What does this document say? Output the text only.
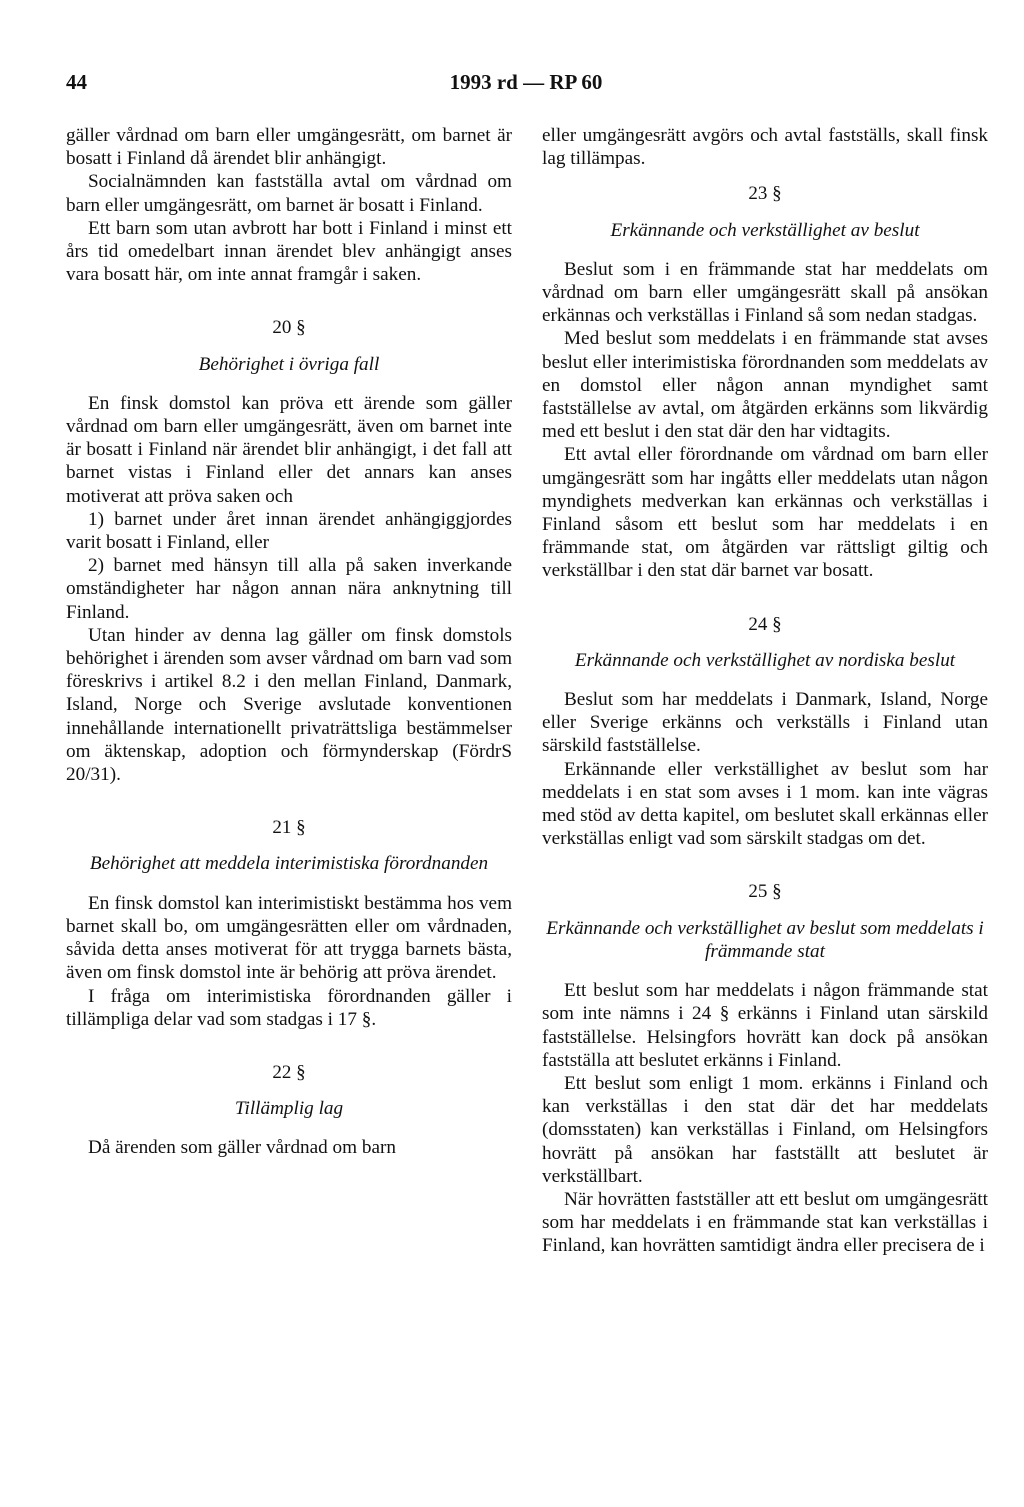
44	1993 rd — RP 60

gäller vårdnad om barn eller umgängesrätt, om barnet är bosatt i Finland då ärendet blir anhängigt.

Socialnämnden kan fastställa avtal om vårdnad om barn eller umgängesrätt, om barnet är bosatt i Finland.

Ett barn som utan avbrott har bott i Finland i minst ett års tid omedelbart innan ärendet blev anhängigt anses vara bosatt här, om inte annat framgår i saken.

20 §
Behörighet i övriga fall

En finsk domstol kan pröva ett ärende som gäller vårdnad om barn eller umgängesrätt, även om barnet inte är bosatt i Finland när ärendet blir anhängigt, i det fall att barnet vistas i Finland eller det annars kan anses motiverat att pröva saken och

1) barnet under året innan ärendet anhängiggjordes varit bosatt i Finland, eller

2) barnet med hänsyn till alla på saken inverkande omständigheter har någon annan nära anknytning till Finland.

Utan hinder av denna lag gäller om finsk domstols behörighet i ärenden som avser vårdnad om barn vad som föreskrivs i artikel 8.2 i den mellan Finland, Danmark, Island, Norge och Sverige avslutade konventionen innehållande internationellt privaträttsliga bestämmelser om äktenskap, adoption och förmynderskap (FördrS 20/31).

21 §
Behörighet att meddela interimistiska förordnanden

En finsk domstol kan interimistiskt bestämma hos vem barnet skall bo, om umgängesrätten eller om vårdnaden, såvida detta anses motiverat för att trygga barnets bästa, även om finsk domstol inte är behörig att pröva ärendet.

I fråga om interimistiska förordnanden gäller i tillämpliga delar vad som stadgas i 17 §.

22 §
Tillämplig lag

Då ärenden som gäller vårdnad om barn

eller umgängesrätt avgörs och avtal fastställs, skall finsk lag tillämpas.

23 §
Erkännande och verkställighet av beslut

Beslut som i en främmande stat har meddelats om vårdnad om barn eller umgängesrätt skall på ansökan erkännas och verkställas i Finland så som nedan stadgas.

Med beslut som meddelats i en främmande stat avses beslut eller interimistiska förordnanden som meddelats av en domstol eller någon annan myndighet samt fastställelse av avtal, om åtgärden erkänns som likvärdig med ett beslut i den stat där den har vidtagits.

Ett avtal eller förordnande om vårdnad om barn eller umgängesrätt som har ingåtts eller meddelats utan någon myndighets medverkan kan erkännas och verkställas i Finland såsom ett beslut som har meddelats i en främmande stat, om åtgärden var rättsligt giltig och verkställbar i den stat där barnet var bosatt.

24 §
Erkännande och verkställighet av nordiska beslut

Beslut som har meddelats i Danmark, Island, Norge eller Sverige erkänns och verkställs i Finland utan särskild fastställelse.

Erkännande eller verkställighet av beslut som har meddelats i en stat som avses i 1 mom. kan inte vägras med stöd av detta kapitel, om beslutet skall erkännas eller verkställas enligt vad som särskilt stadgas om det.

25 §
Erkännande och verkställighet av beslut som meddelats i främmande stat

Ett beslut som har meddelats i någon främmande stat som inte nämns i 24 § erkänns i Finland utan särskild fastställelse. Helsingfors hovrätt kan dock på ansökan fastställa att beslutet erkänns i Finland.

Ett beslut som enligt 1 mom. erkänns i Finland och kan verkställas i den stat där det har meddelats (domsstaten) kan verkställas i Finland, om Helsingfors hovrätt på ansökan har fastställt att beslutet är verkställbart.

När hovrätten fastställer att ett beslut om umgängesrätt som har meddelats i en främmande stat kan verkställas i Finland, kan hovrätten samtidigt ändra eller precisera de i
